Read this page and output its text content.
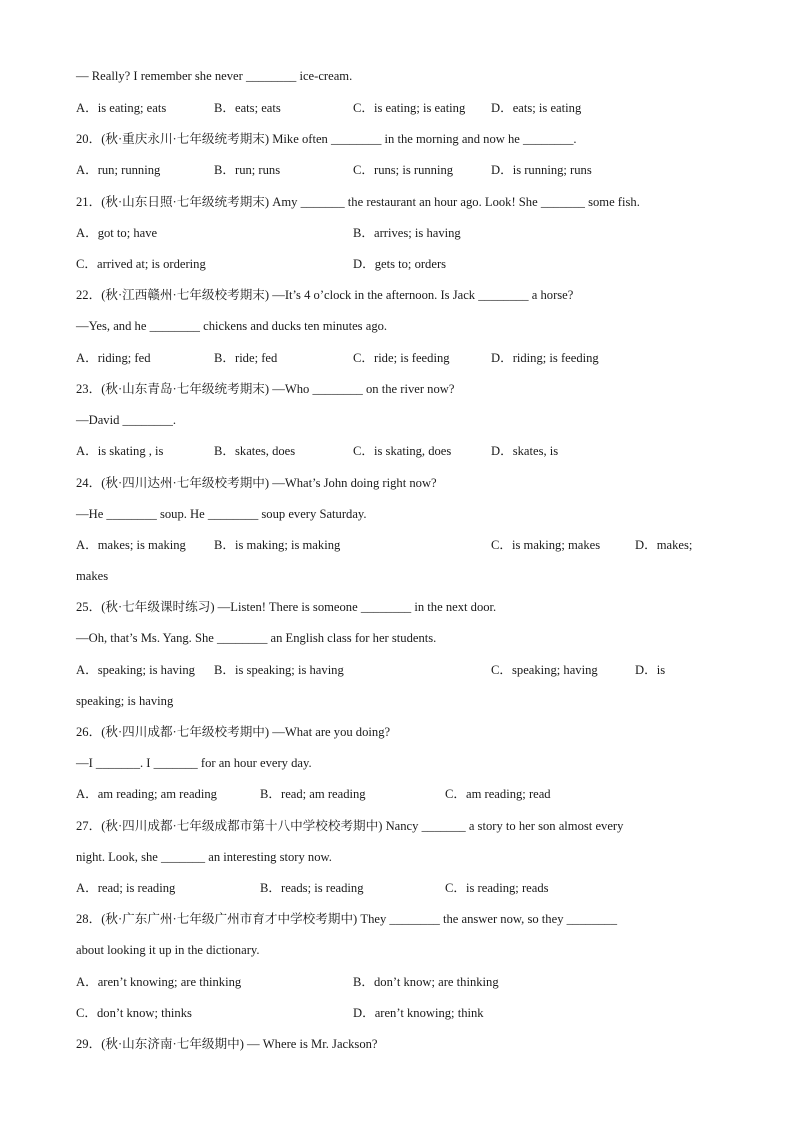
— Really? I remember she never ________ ice-cream.
A．is eating; eats	B．eats; eats	C．is eating; is eating D．eats; is eating
20．(秋·重庆永川·七年级统考期末) Mike often ________ in the morning and now he ________.
A．run; running	B．run; runs	C．runs; is running	D．is running; runs
21．(秋·山东日照·七年级统考期末) Amy _______ the restaurant an hour ago. Look! She _______ some fish.
A．got to; have	B．arrives; is having
C．arrived at; is ordering	D．gets to; orders
22．(秋·江西赣州·七年级校考期末) —It’s 4 o’clock in the afternoon. Is Jack ________ a horse?
—Yes, and he ________ chickens and ducks ten minutes ago.
A．riding; fed	B．ride; fed	C．ride; is feeding	D．riding; is feeding
23．(秋·山东青岛·七年级统考期末) —Who ________ on the river now?
—David ________.
A．is skating , is	B．skates, does	C．is skating, does	D．skates, is
24．(秋·四川达州·七年级校考期中) —What’s John doing right now?
—He ________ soup. He ________ soup every Saturday.
A．makes; is making B．is making; is making	C．is making; makes	D．makes;
makes
25．(秋·七年级课时练习) —Listen! There is someone ________ in the next door.
—Oh, that’s Ms. Yang. She ________ an English class for her students.
A．speaking; is having B．is speaking; is having	C．speaking; having	D．is
speaking; is having
26．(秋·四川成都·七年级校考期中) —What are you doing?
—I _______. I _______ for an hour every day.
A．am reading; am reading	B．read; am reading	C．am reading; read
27．(秋·四川成都·七年级成都市第十八中学校校考期中) Nancy _______ a story to her son almost every
night. Look, she _______ an interesting story now.
A．read; is reading	B．reads; is reading	C．is reading; reads
28．(秋·广东广州·七年级广州市育才中学校考期中) They ________ the answer now, so they ________
about looking it up in the dictionary.
A．aren’t knowing; are thinking	B．don’t know; are thinking
C．don’t know; thinks	D．aren’t knowing; think
29．(秋·山东济南·七年级期中) — Where is Mr. Jackson?
